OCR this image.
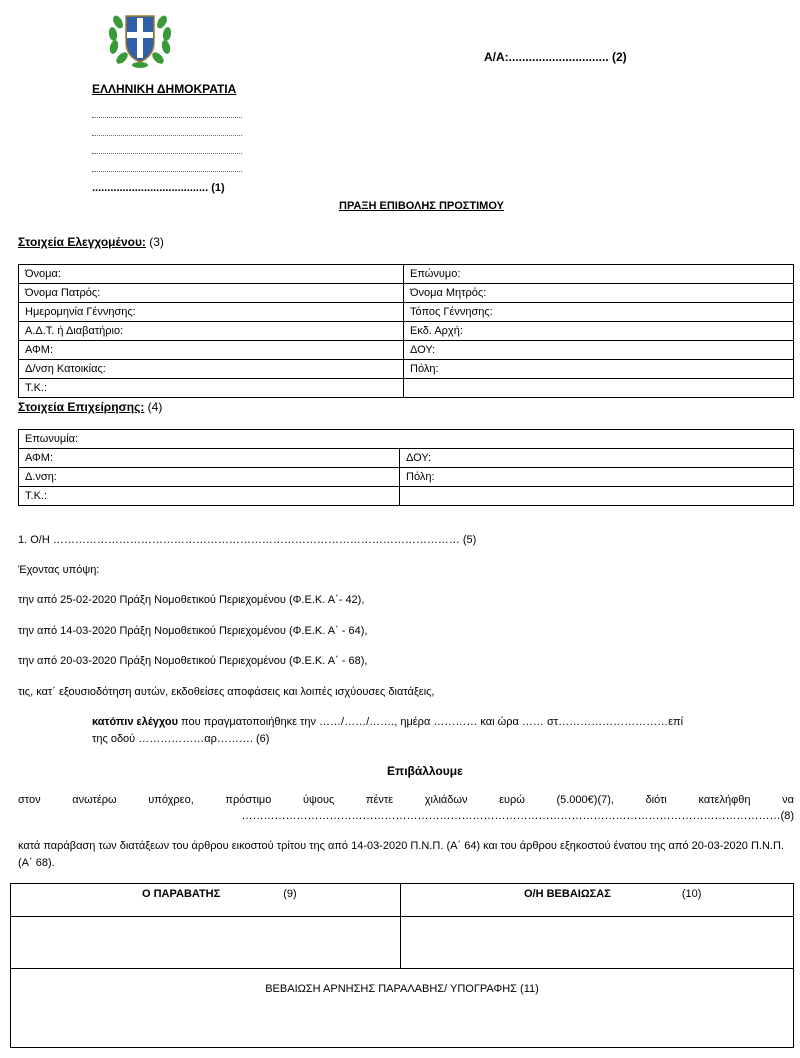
Α/Α:.............................. (2)
ΕΛΛΗΝΙΚΗ ΔΗΜΟΚΡΑΤΙΑ
...................................... (1)
ΠΡΑΞΗ ΕΠΙΒΟΛΗΣ ΠΡΟΣΤΙΜΟΥ
Στοιχεία Ελεγχομένου: (3)
Όνομα:	Επώνυμο:
Όνομα Πατρός:	Όνομα Μητρός:
Ημερομηνία Γέννησης:	Τόπος Γέννησης:
Α.Δ.Τ. ή Διαβατήριο:	Εκδ. Αρχή:
ΑΦΜ:	ΔΟΥ:
Δ/νση Κατοικίας:	Πόλη:
Τ.Κ.:	
Στοιχεία Επιχείρησης: (4)
Επωνυμία:	
ΑΦΜ:	ΔΟΥ:
Δ.νση:	Πόλη:
Τ.Κ.:	
1. Ο/Η ………………………………………………………………………………………………… (5)
Έχοντας υπόψη:
την από 25-02-2020 Πράξη Νομοθετικού Περιεχομένου (Φ.Ε.Κ. Α΄- 42),
την από 14-03-2020 Πράξη Νομοθετικού Περιεχομένου (Φ.Ε.Κ. Α΄ - 64),
την από 20-03-2020 Πράξη Νομοθετικού Περιεχομένου (Φ.Ε.Κ. Α΄ - 68),
τις, κατ΄ εξουσιοδότηση αυτών, εκδοθείσες αποφάσεις και λοιπές ισχύουσες διατάξεις,
κατόπιν ελέγχου που πραγματοποιήθηκε την ……/……/……., ημέρα ………… και ώρα …… στ…………………………επί
της οδού ………………αρ………. (6)
Επιβάλλουμε
στον	ανωτέρω	υπόχρεο,	πρόστιμο	ύψους	πέντε	χιλιάδων	ευρώ	(5.000€)(7),	διότι	κατελήφθη	να
…………………………………………………………………………………………………………………………………(8)
κατά παράβαση των διατάξεων του άρθρου εικοστού τρίτου της από 14-03-2020 Π.Ν.Π. (Α΄ 64) και του άρθρου εξηκοστού ένατου της από 20-03-2020 Π.Ν.Π. (Α΄ 68).
Ο ΠΑΡΑΒΑΤΗΣ (9)	Ο/Η ΒΕΒΑΙΩΣΑΣ (10)

ΒΕΒΑΙΩΣΗ ΑΡΝΗΣΗΣ ΠΑΡΑΛΑΒΗΣ/ ΥΠΟΓΡΑΦΗΣ (11)	
